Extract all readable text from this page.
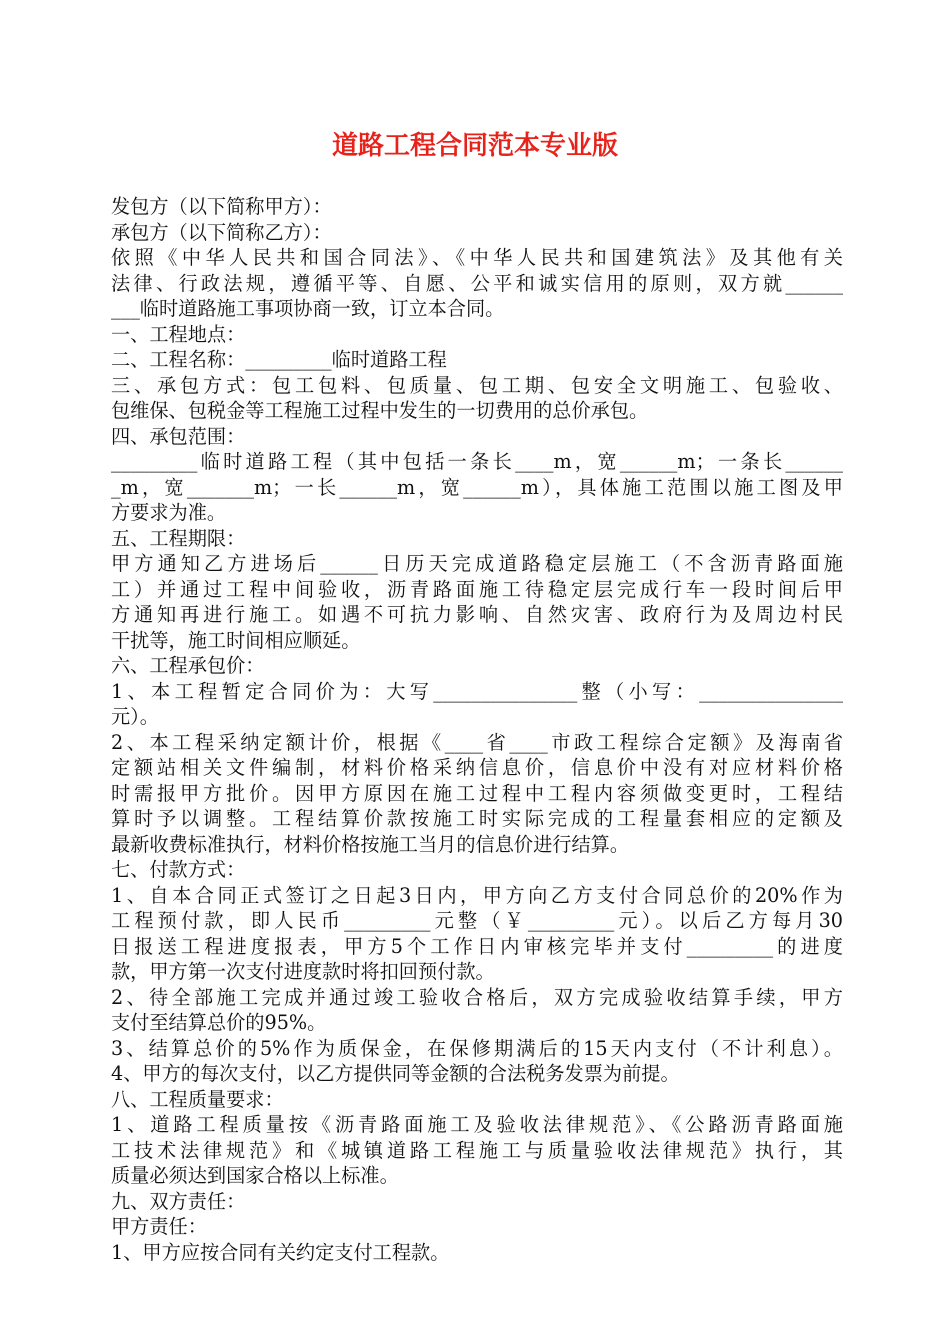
道路工程合同范本专业版
发包方（以下简称甲方）：
承包方（以下简称乙方）：
依照《中华人民共和国合同法》、《中华人民共和国建筑法》及其他有关
法律、行政法规，遵循平等、自愿、公平和诚实信用的原则，双方就______
___临时道路施工事项协商一致，订立本合同。
一、工程地点：
二、工程名称：_________临时道路工程
三、承包方式：包工包料、包质量、包工期、包安全文明施工、包验收、
包维保、包税金等工程施工过程中发生的一切费用的总价承包。
四、承包范围：
_________临时道路工程（其中包括一条长____m，宽______m；一条长______
_m，宽_______m；一长______m，宽______m），具体施工范围以施工图及甲
方要求为准。
五、工程期限：
甲方通知乙方进场后______日历天完成道路稳定层施工（不含沥青路面施
工）并通过工程中间验收，沥青路面施工待稳定层完成行车一段时间后甲
方通知再进行施工。如遇不可抗力影响、自然灾害、政府行为及周边村民
干扰等，施工时间相应顺延。
六、工程承包价：
1、本工程暂定合同价为：大写_______________整（小写：_______________
元）。
2、本工程采纳定额计价，根据《____省____市政工程综合定额》及海南省
定额站相关文件编制，材料价格采纳信息价，信息价中没有对应材料价格
时需报甲方批价。因甲方原因在施工过程中工程内容须做变更时，工程结
算时予以调整。工程结算价款按施工时实际完成的工程量套相应的定额及
最新收费标准执行，材料价格按施工当月的信息价进行结算。
七、付款方式：
1、自本合同正式签订之日起3日内，甲方向乙方支付合同总价的20%作为
工程预付款，即人民币_________元整（￥_________元）。以后乙方每月30
日报送工程进度报表，甲方5个工作日内审核完毕并支付_________的进度
款，甲方第一次支付进度款时将扣回预付款。
2、待全部施工完成并通过竣工验收合格后，双方完成验收结算手续，甲方
支付至结算总价的95%。
3、结算总价的5%作为质保金，在保修期满后的15天内支付（不计利息）。
4、甲方的每次支付，以乙方提供同等金额的合法税务发票为前提。
八、工程质量要求：
1、道路工程质量按《沥青路面施工及验收法律规范》、《公路沥青路面施
工技术法律规范》和《城镇道路工程施工与质量验收法律规范》执行，其
质量必须达到国家合格以上标准。
九、双方责任：
甲方责任：
1、甲方应按合同有关约定支付工程款。
